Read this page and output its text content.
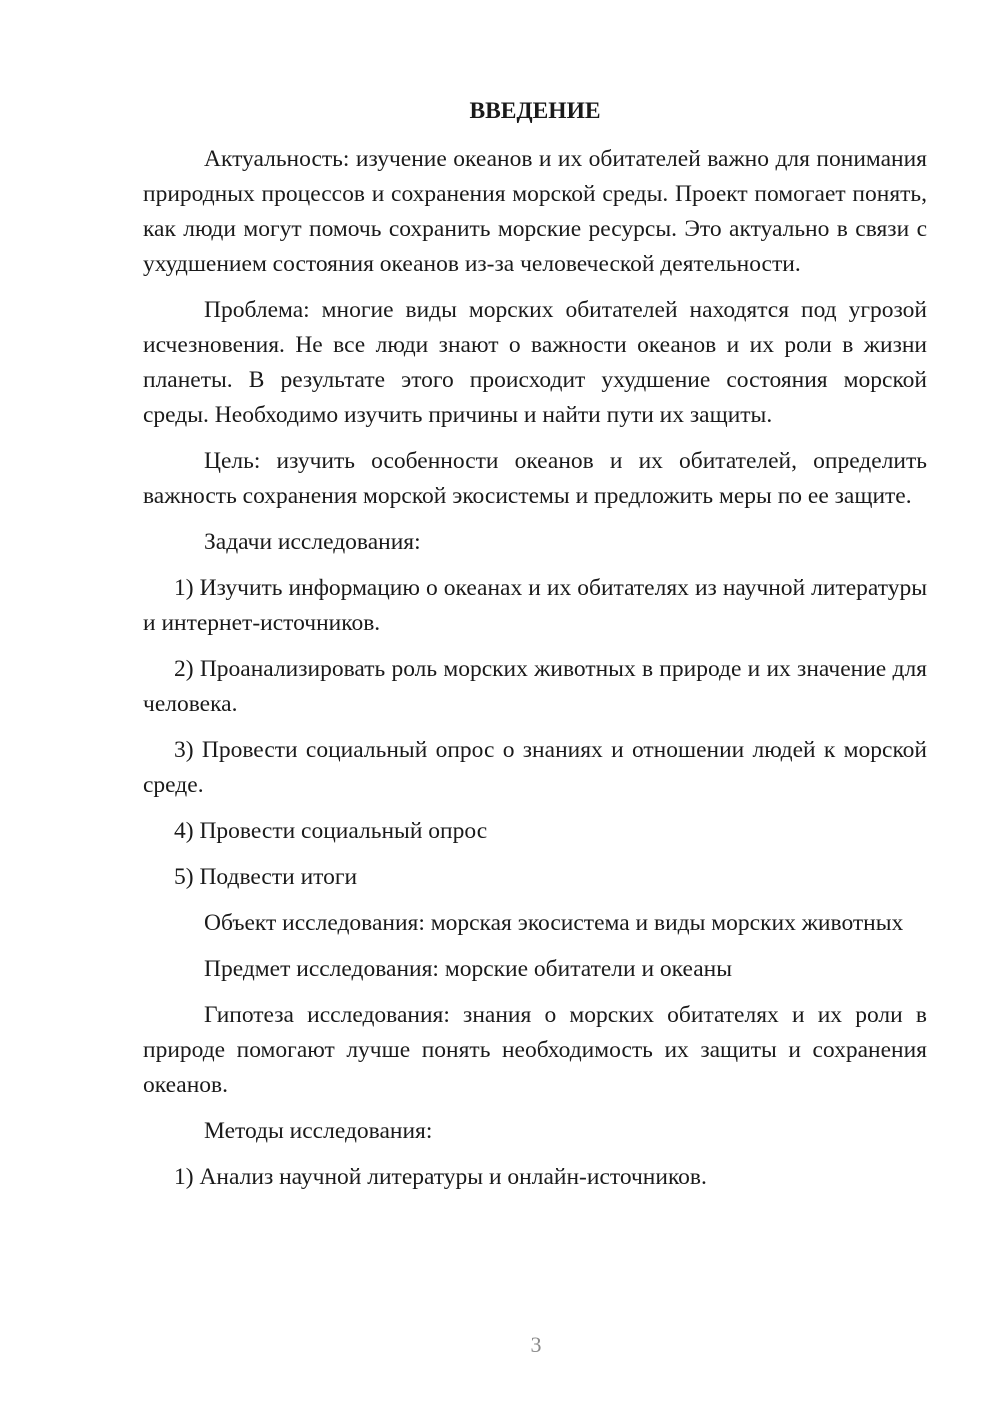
ВВЕДЕНИЕ

Актуальность: изучение океанов и их обитателей важно для понимания природных процессов и сохранения морской среды. Проект помогает понять, как люди могут помочь сохранить морские ресурсы. Это актуально в связи с ухудшением состояния океанов из-за человеческой деятельности.

Проблема: многие виды морских обитателей находятся под угрозой исчезновения. Не все люди знают о важности океанов и их роли в жизни планеты. В результате этого происходит ухудшение состояния морской среды. Необходимо изучить причины и найти пути их защиты.

Цель: изучить особенности океанов и их обитателей, определить важность сохранения морской экосистемы и предложить меры по ее защите.

Задачи исследования:

1) Изучить информацию о океанах и их обитателях из научной литературы и интернет-источников.

2) Проанализировать роль морских животных в природе и их значение для человека.

3) Провести социальный опрос о знаниях и отношении людей к морской среде.

4) Провести социальный опрос

5) Подвести итоги

Объект исследования: морская экосистема и виды морских животных

Предмет исследования: морские обитатели и океаны

Гипотеза исследования: знания о морских обитателях и их роли в природе помогают лучше понять необходимость их защиты и сохранения океанов.

Методы исследования:

1) Анализ научной литературы и онлайн-источников.

3
